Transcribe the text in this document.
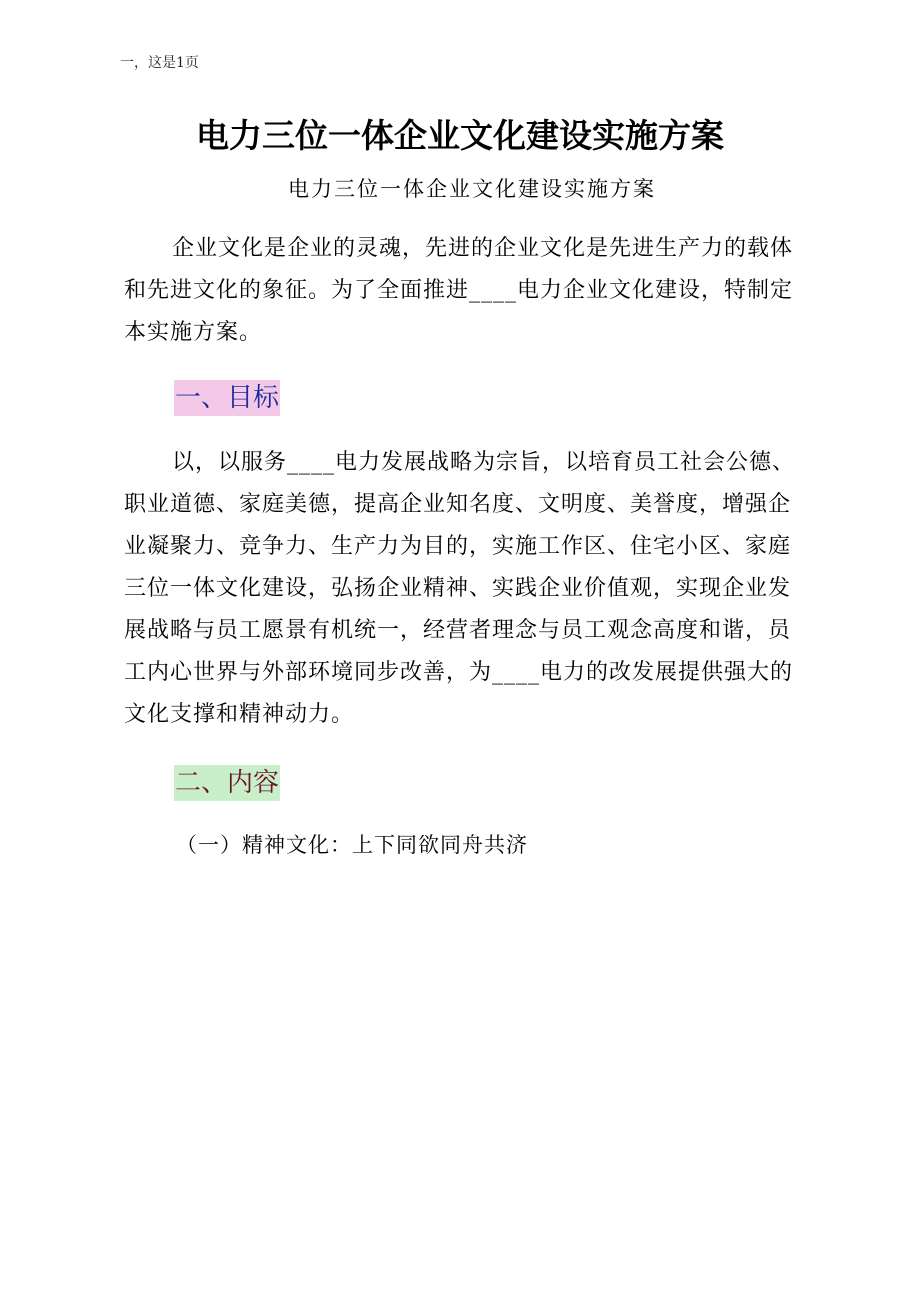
一，这是1页
电力三位一体企业文化建设实施方案
电力三位一体企业文化建设实施方案

企业文化是企业的灵魂，先进的企业文化是先进生产力的载体和先进文化的象征。为了全面推进____电力企业文化建设，特制定本实施方案。

一、目标

以，以服务____电力发展战略为宗旨，以培育员工社会公德、职业道德、家庭美德，提高企业知名度、文明度、美誉度，增强企业凝聚力、竞争力、生产力为目的，实施工作区、住宅小区、家庭三位一体文化建设，弘扬企业精神、实践企业价值观，实现企业发展战略与员工愿景有机统一，经营者理念与员工观念高度和谐，员工内心世界与外部环境同步改善，为____电力的改发展提供强大的文化支撑和精神动力。

二、内容
（一）精神文化：上下同欲同舟共济
